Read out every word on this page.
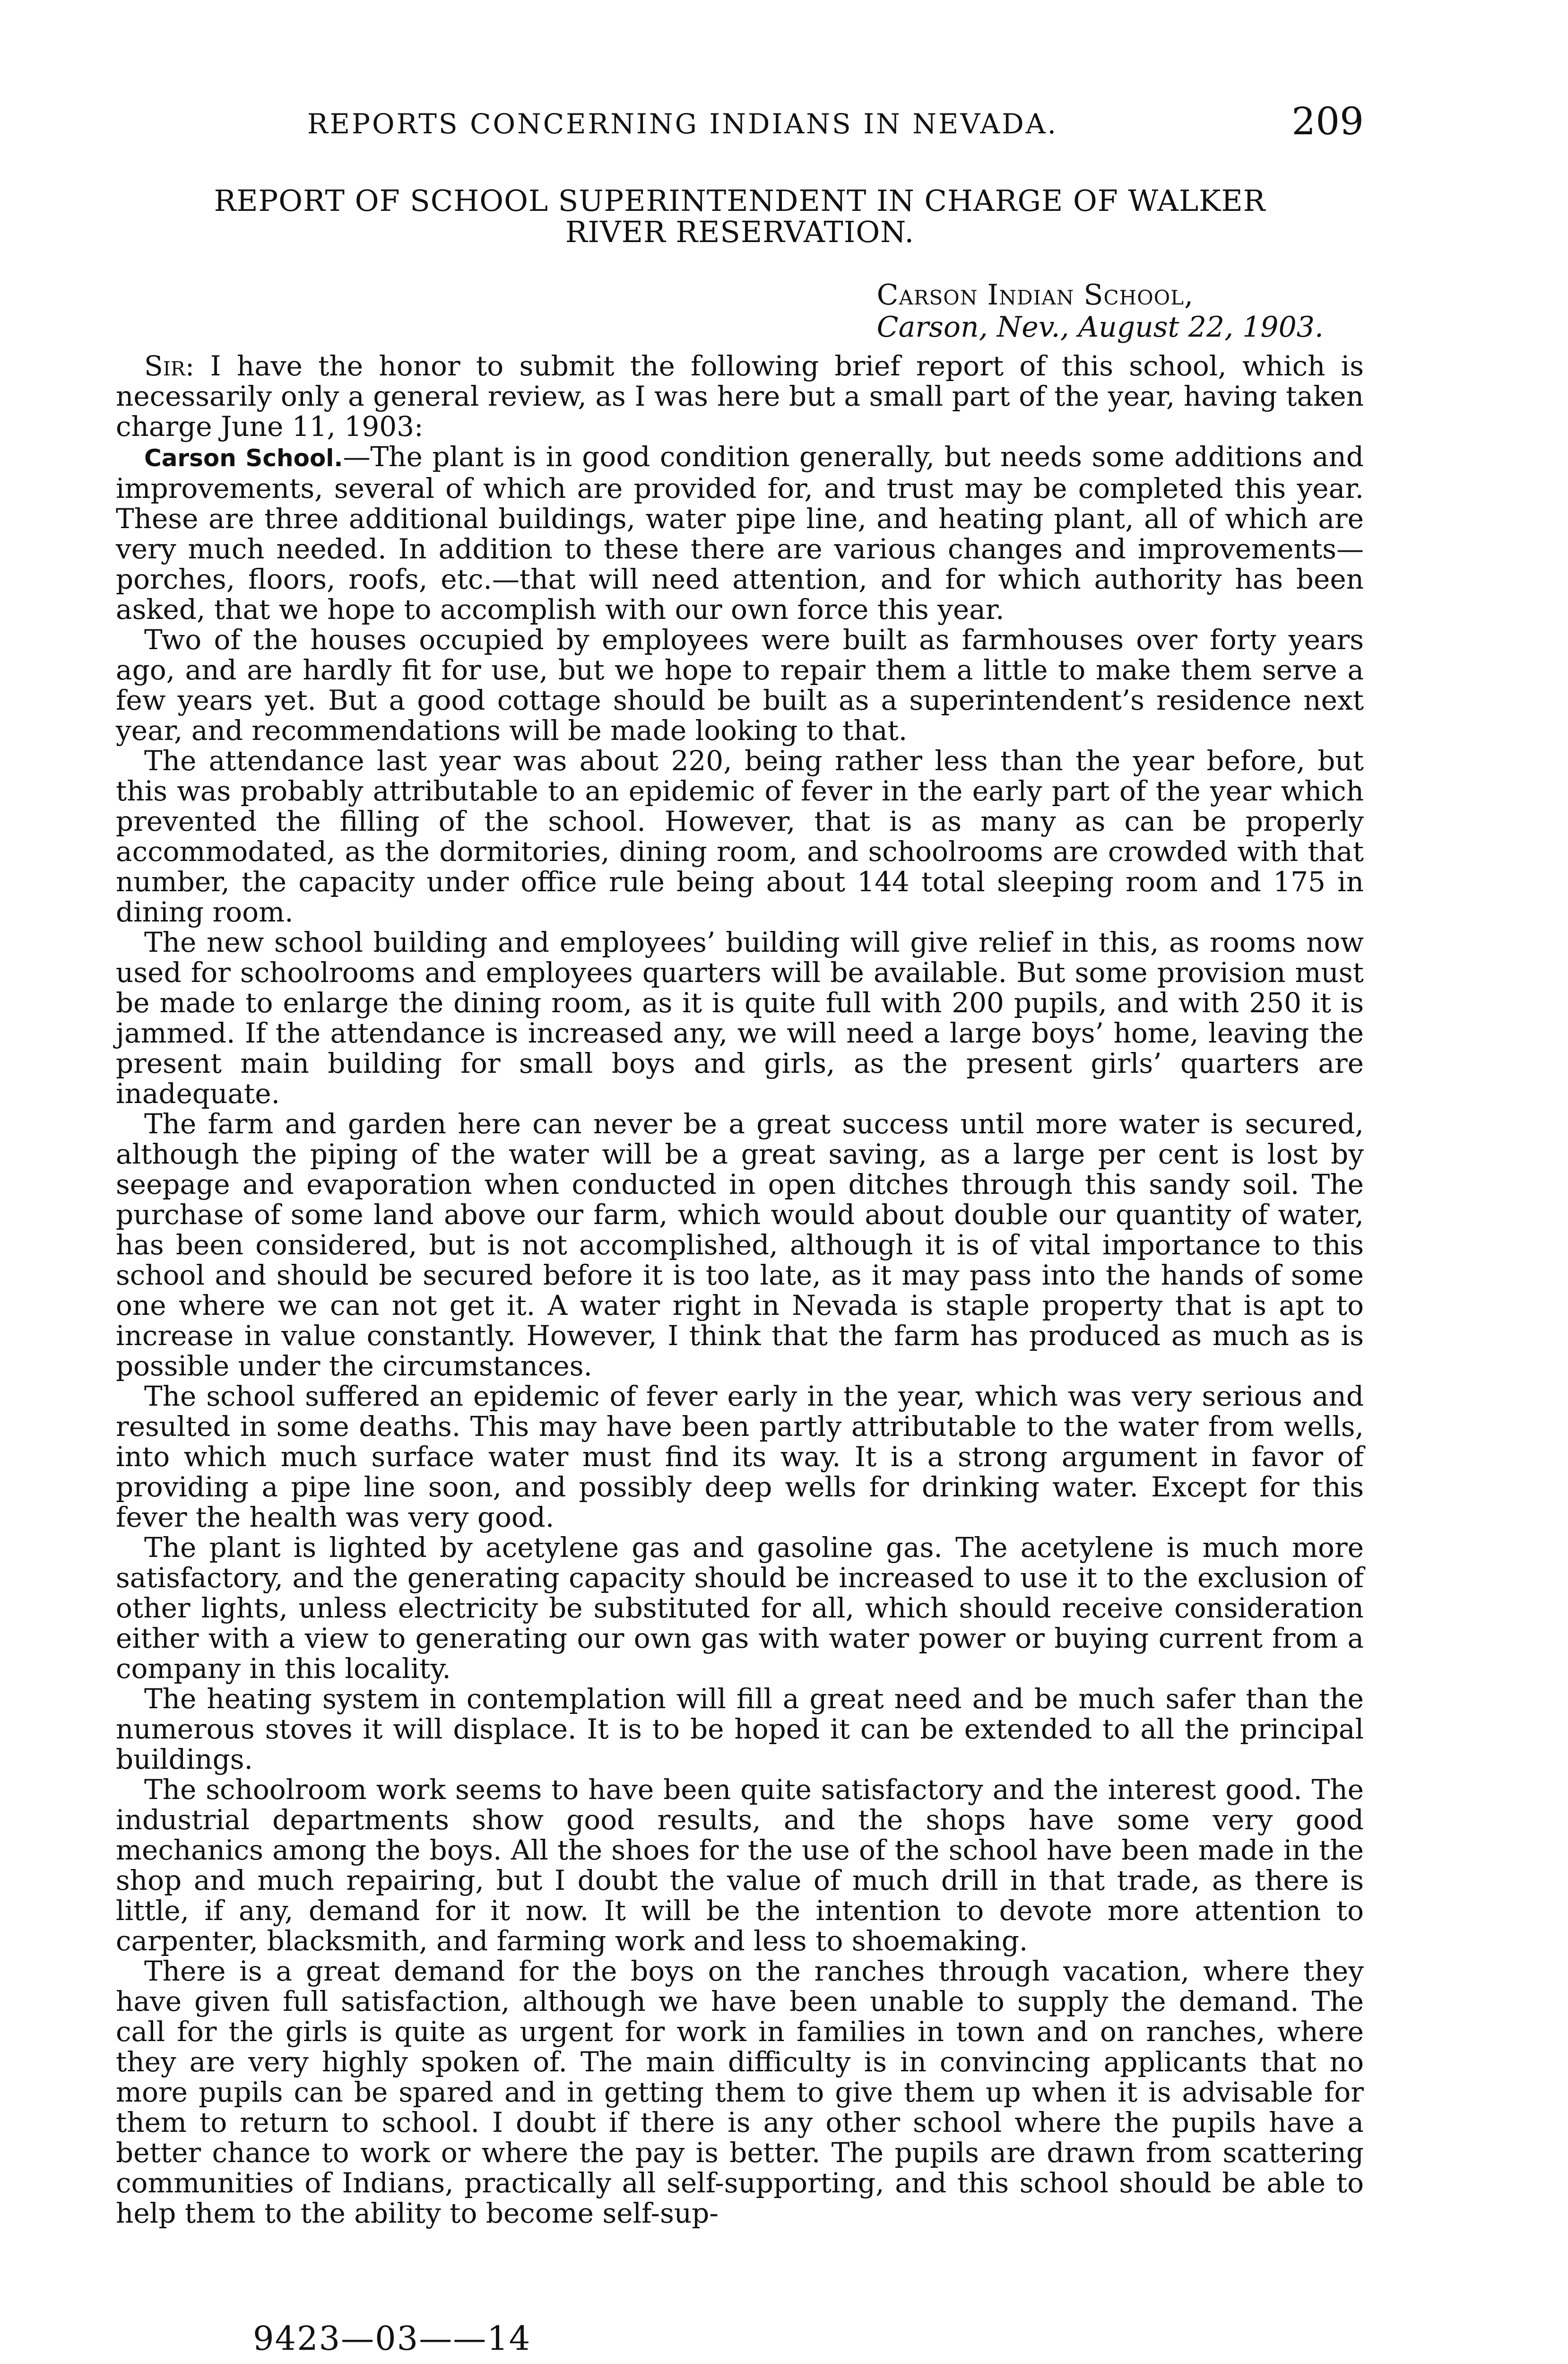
REPORTS CONCERNING INDIANS IN NEVADA.	209
REPORT OF SCHOOL SUPERINTENDENT IN CHARGE OF WALKER
RIVER RESERVATION.
Carson Indian School,
Carson, Nev., August 22, 1903.

Sir: I have the honor to submit the following brief report of this school, which is necessarily only a general review, as I was here but a small part of the year, having taken charge June 11, 1903:

Carson School.—The plant is in good condition generally, but needs some additions and improvements, several of which are provided for, and trust may be completed this year. These are three additional buildings, water pipe line, and heating plant, all of which are very much needed. In addition to these there are various changes and improvements—porches, floors, roofs, etc.—that will need attention, and for which authority has been asked, that we hope to accomplish with our own force this year.

Two of the houses occupied by employees were built as farmhouses over forty years ago, and are hardly fit for use, but we hope to repair them a little to make them serve a few years yet. But a good cottage should be built as a superintendent’s residence next year, and recommendations will be made looking to that.

The attendance last year was about 220, being rather less than the year before, but this was probably attributable to an epidemic of fever in the early part of the year which prevented the filling of the school. However, that is as many as can be properly accommodated, as the dormitories, dining room, and schoolrooms are crowded with that number, the capacity under office rule being about 144 total sleeping room and 175 in dining room.

The new school building and employees’ building will give relief in this, as rooms now used for schoolrooms and employees quarters will be available. But some provision must be made to enlarge the dining room, as it is quite full with 200 pupils, and with 250 it is jammed. If the attendance is increased any, we will need a large boys’ home, leaving the present main building for small boys and girls, as the present girls’ quarters are inadequate.

The farm and garden here can never be a great success until more water is secured, although the piping of the water will be a great saving, as a large per cent is lost by seepage and evaporation when conducted in open ditches through this sandy soil. The purchase of some land above our farm, which would about double our quantity of water, has been considered, but is not accomplished, although it is of vital importance to this school and should be secured before it is too late, as it may pass into the hands of some one where we can not get it. A water right in Nevada is staple property that is apt to increase in value constantly. However, I think that the farm has produced as much as is possible under the circumstances.

The school suffered an epidemic of fever early in the year, which was very serious and resulted in some deaths. This may have been partly attributable to the water from wells, into which much surface water must find its way. It is a strong argument in favor of providing a pipe line soon, and possibly deep wells for drinking water. Except for this fever the health was very good.

The plant is lighted by acetylene gas and gasoline gas. The acetylene is much more satisfactory, and the generating capacity should be increased to use it to the exclusion of other lights, unless electricity be substituted for all, which should receive consideration either with a view to generating our own gas with water power or buying current from a company in this locality.

The heating system in contemplation will fill a great need and be much safer than the numerous stoves it will displace. It is to be hoped it can be extended to all the principal buildings.

The schoolroom work seems to have been quite satisfactory and the interest good. The industrial departments show good results, and the shops have some very good mechanics among the boys. All the shoes for the use of the school have been made in the shop and much repairing, but I doubt the value of much drill in that trade, as there is little, if any, demand for it now. It will be the intention to devote more attention to carpenter, blacksmith, and farming work and less to shoemaking.

There is a great demand for the boys on the ranches through vacation, where they have given full satisfaction, although we have been unable to supply the demand. The call for the girls is quite as urgent for work in families in town and on ranches, where they are very highly spoken of. The main difficulty is in convincing applicants that no more pupils can be spared and in getting them to give them up when it is advisable for them to return to school. I doubt if there is any other school where the pupils have a better chance to work or where the pay is better. The pupils are drawn from scattering communities of Indians, practically all self-supporting, and this school should be able to help them to the ability to become self-sup-

9423—03——14
